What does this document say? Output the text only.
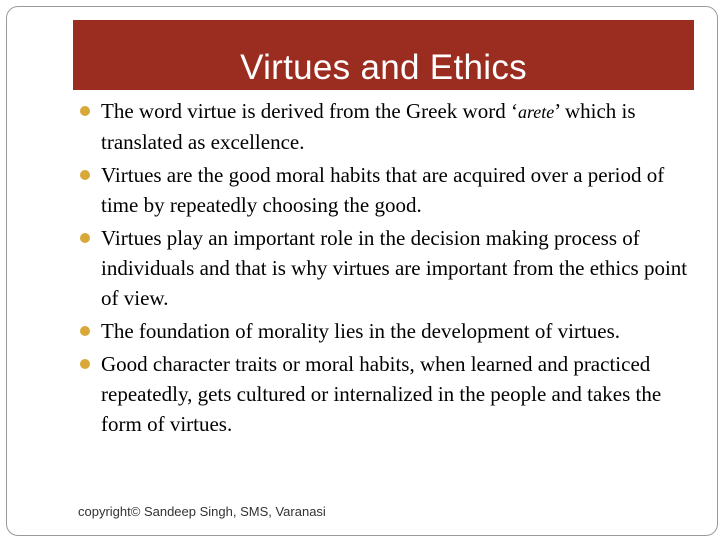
Virtues and Ethics
The word virtue is derived from the Greek word ‘arete’ which is translated as excellence.
Virtues are the good moral habits that are acquired over a period of time by repeatedly choosing the good.
Virtues play an important role in the decision making process of individuals and that is why virtues are important from the ethics point of view.
The foundation of morality lies in the development of virtues.
Good character traits or moral habits, when learned and practiced repeatedly, gets cultured or internalized in the people and takes the form of virtues.
copyright© Sandeep Singh, SMS, Varanasi
